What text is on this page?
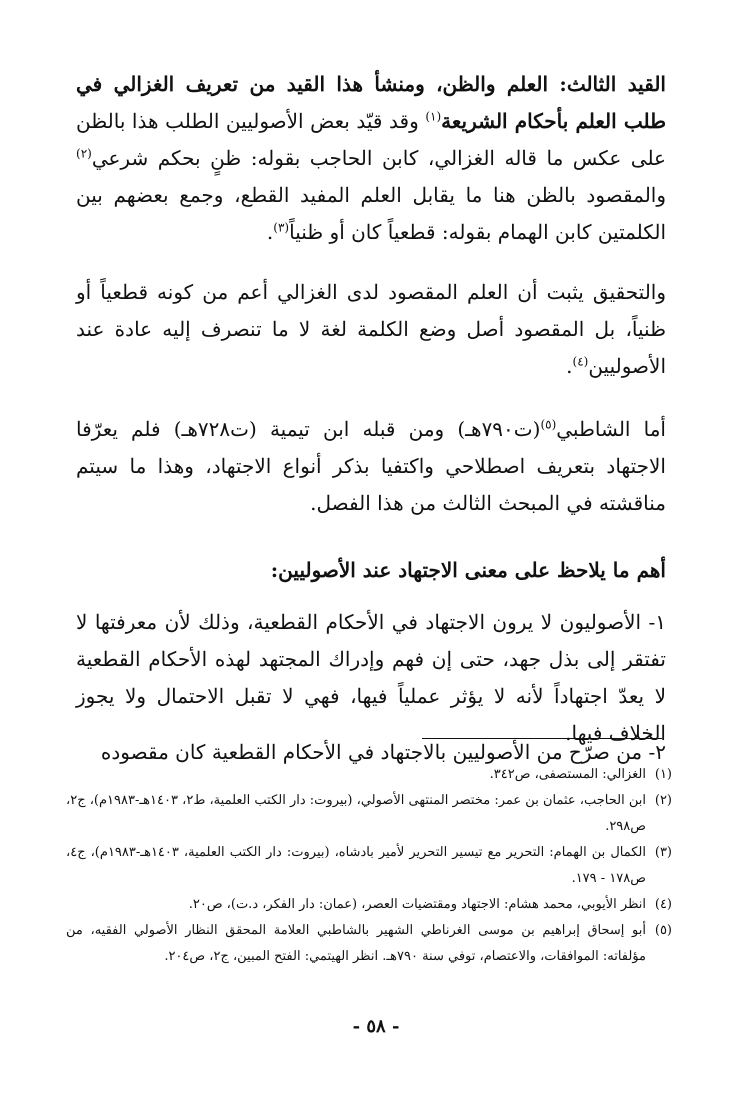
القيد الثالث: العلم والظن، ومنشأ هذا القيد من تعريف الغزالي في طلب العلم بأحكام الشريعة$^{(١)}$ وقد قيّد بعض الأصوليين الطلب هذا بالظن على عكس ما قاله الغزالي، كابن الحاجب بقوله: ظنٍ بحكم شرعي$^{(٢)}$ والمقصود بالظن هنا ما يقابل العلم المفيد القطع، وجمع بعضهم بين الكلمتين كابن الهمام بقوله: قطعياً كان أو ظنياً$^{(٣)}$.

والتحقيق يثبت أن العلم المقصود لدى الغزالي أعم من كونه قطعياً أو ظنياً، بل المقصود أصل وضع الكلمة لغة لا ما تنصرف إليه عادة عند الأصوليين$^{(٤)}$.

أما الشاطبي$^{(٥)}$(ت٧٩٠هـ) ومن قبله ابن تيمية (ت٧٢٨هـ) فلم يعرّفا الاجتهاد بتعريف اصطلاحي واكتفيا بذكر أنواع الاجتهاد، وهذا ما سيتم مناقشته في المبحث الثالث من هذا الفصل.

أهم ما يلاحظ على معنى الاجتهاد عند الأصوليين:

١- الأصوليون لا يرون الاجتهاد في الأحكام القطعية، وذلك لأن معرفتها لا تفتقر إلى بذل جهد، حتى إن فهم وإدراك المجتهد لهذه الأحكام القطعية لا يعدّ اجتهاداً لأنه لا يؤثر عملياً فيها، فهي لا تقبل الاحتمال ولا يجوز الخلاف فيها.

٢- من صرّح من الأصوليين بالاجتهاد في الأحكام القطعية كان مقصوده

(١)
الغزالي: المستصفى، ص٣٤٢.
(٢)
ابن الحاجب، عثمان بن عمر: مختصر المنتهى الأصولي، (بيروت: دار الكتب العلمية، ط٢، ١٤٠٣هـ-١٩٨٣م)، ج٢، ص٢٩٨.
(٣)
الكمال بن الهمام: التحرير مع تيسير التحرير لأمير بادشاه، (بيروت: دار الكتب العلمية، ١٤٠٣هـ-١٩٨٣م)، ج٤، ص١٧٨ - ١٧٩.
(٤)
انظر الأيوبي، محمد هشام: الاجتهاد ومقتضيات العصر، (عمان: دار الفكر، د.ت)، ص٢٠.
(٥)
أبو إسحاق إبراهيم بن موسى الغرناطي الشهير بالشاطبي العلامة المحقق النظار الأصولي الفقيه، من مؤلفاته: الموافقات، والاعتصام، توفي سنة ٧٩٠هـ. انظر الهيتمي: الفتح المبين، ج٢، ص٢٠٤.
- ٥٨ -
